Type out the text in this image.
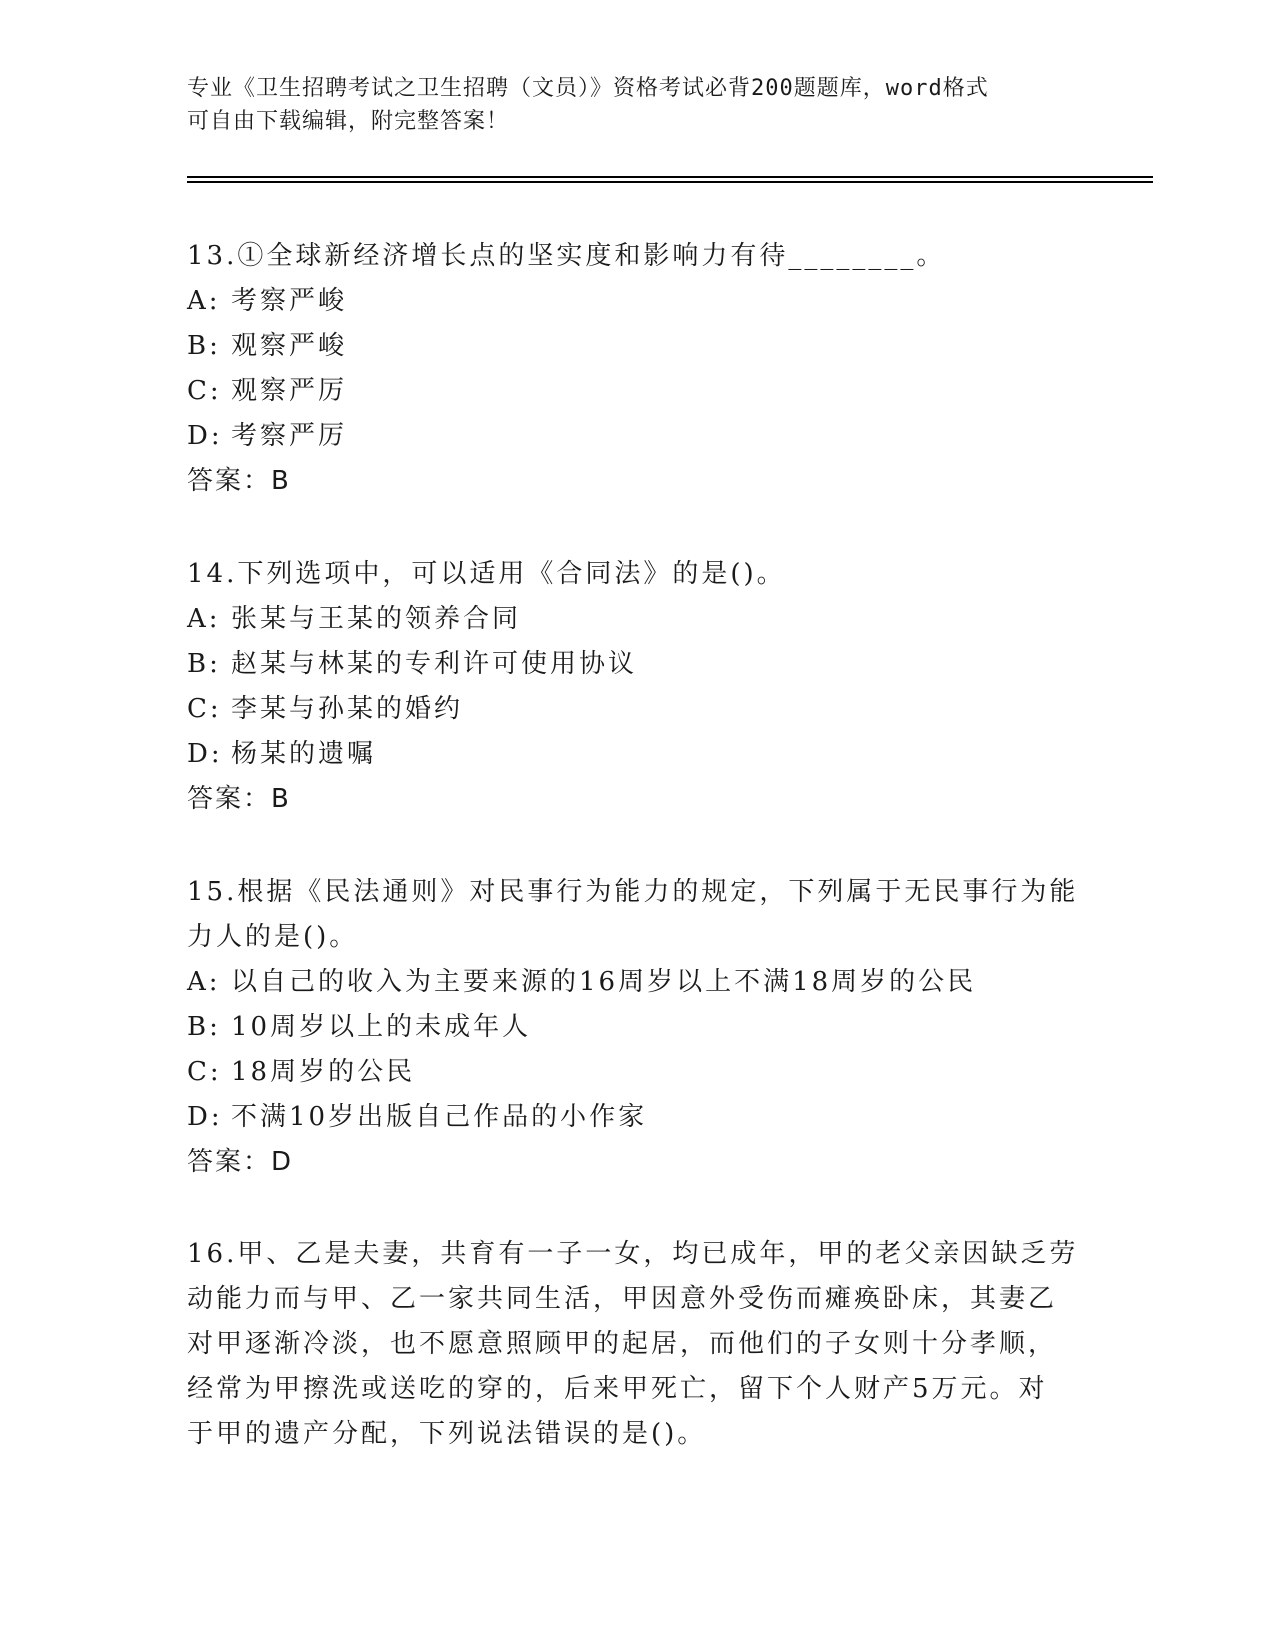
专业《卫生招聘考试之卫生招聘（文员）》资格考试必背200题题库，word格式
可自由下载编辑，附完整答案！

13.①全球新经济增长点的坚实度和影响力有待________。

A: 考察严峻

B: 观察严峻

C: 观察严厉

D: 考察严厉

答案：B

14.下列选项中，可以适用《合同法》的是()。

A: 张某与王某的领养合同

B: 赵某与林某的专利许可使用协议

C: 李某与孙某的婚约

D: 杨某的遗嘱

答案：B

15.根据《民法通则》对民事行为能力的规定，下列属于无民事行为能

力人的是()。

A: 以自己的收入为主要来源的16周岁以上不满18周岁的公民

B: 10周岁以上的未成年人

C: 18周岁的公民

D: 不满10岁出版自己作品的小作家

答案：D

16.甲、乙是夫妻，共育有一子一女，均已成年，甲的老父亲因缺乏劳

动能力而与甲、乙一家共同生活，甲因意外受伤而瘫痪卧床，其妻乙

对甲逐渐冷淡，也不愿意照顾甲的起居，而他们的子女则十分孝顺，

经常为甲擦洗或送吃的穿的，后来甲死亡，留下个人财产5万元。对

于甲的遗产分配，下列说法错误的是()。
